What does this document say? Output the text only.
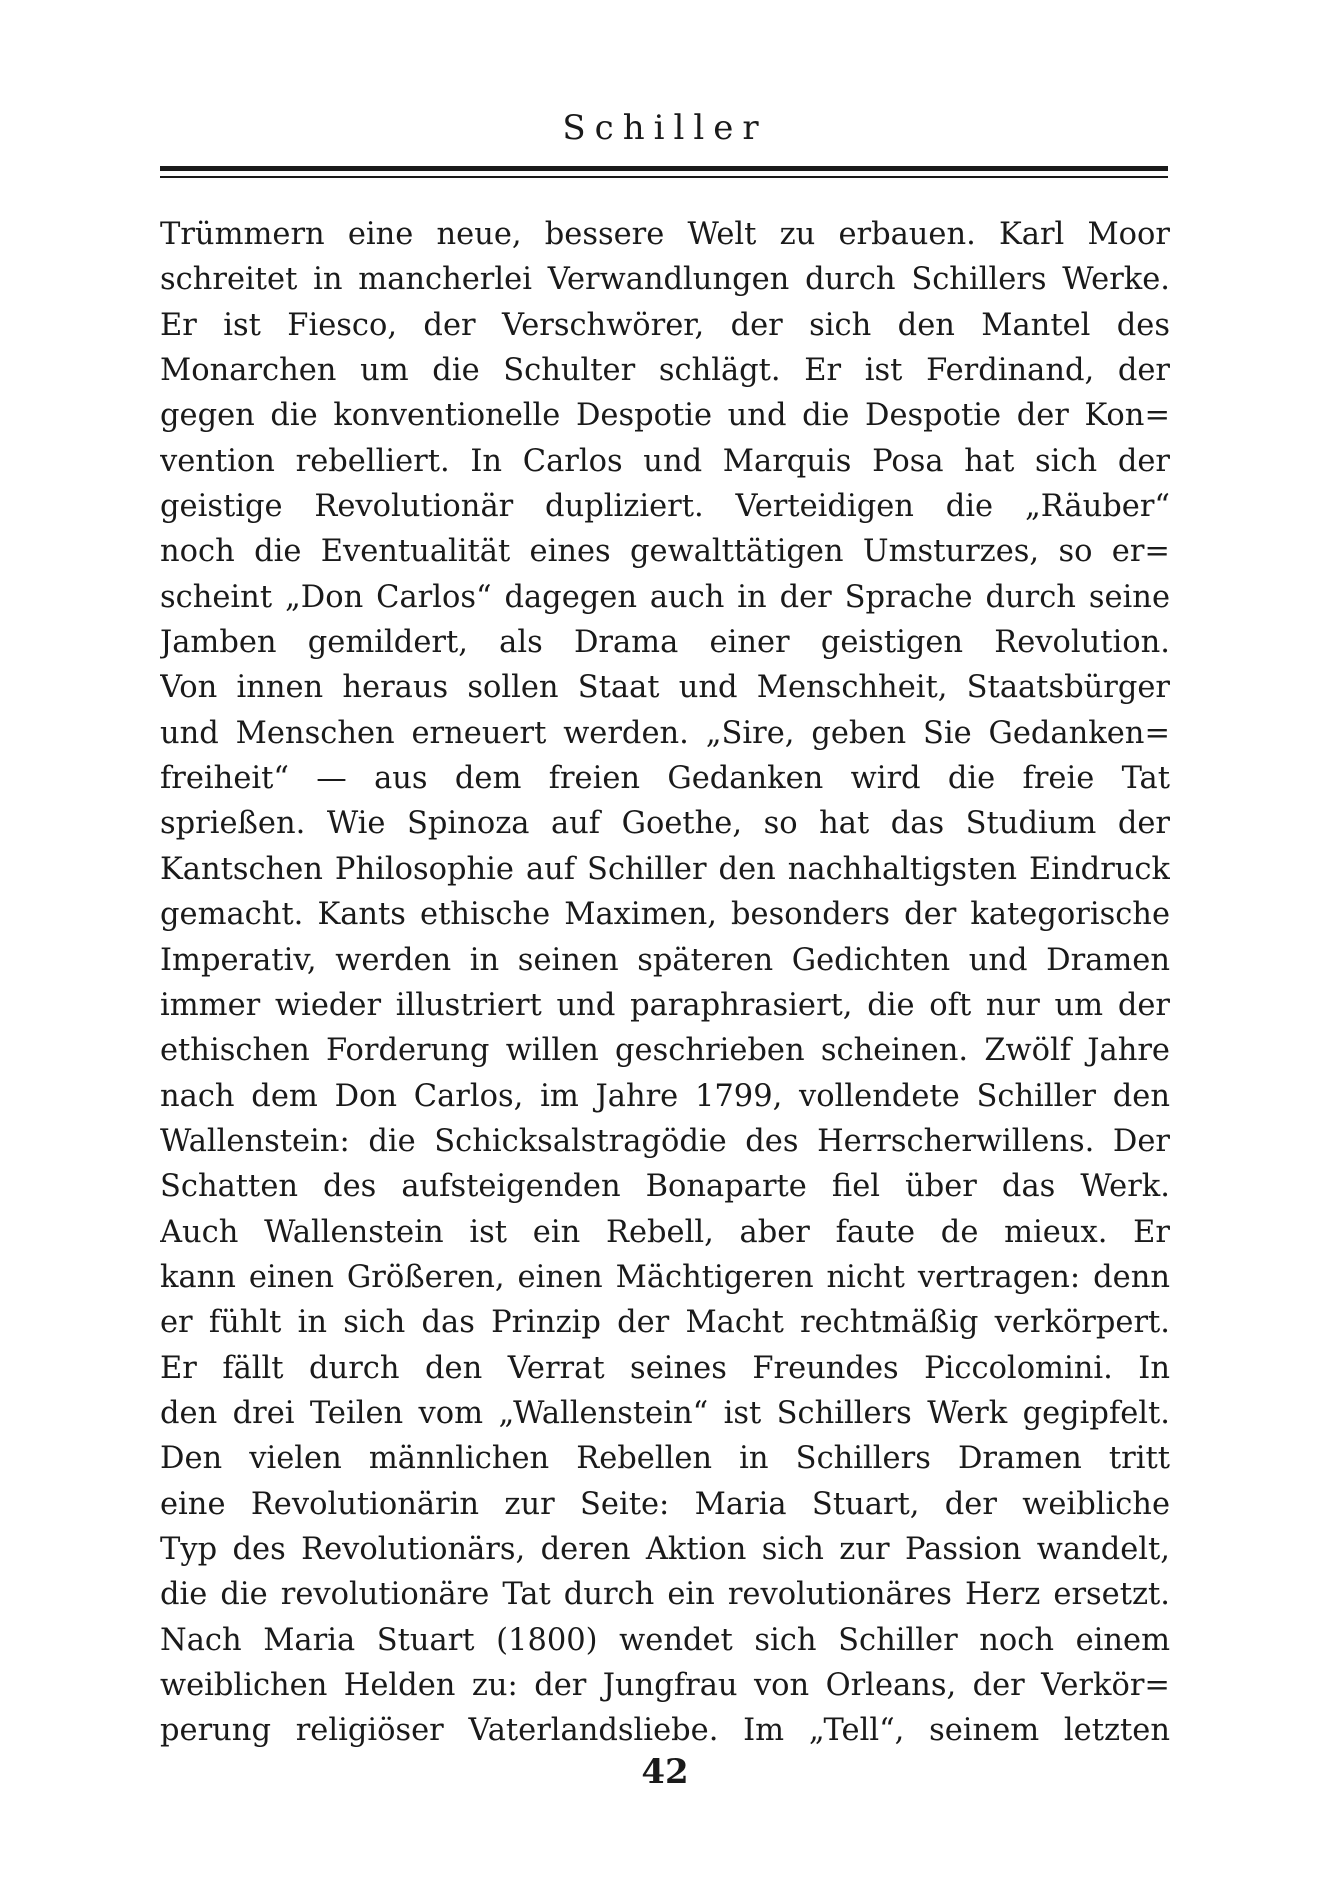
Schiller
Trümmern eine neue, bessere Welt zu erbauen. Karl Moor
schreitet in mancherlei Verwandlungen durch Schillers Werke.
Er ist Fiesco, der Verschwörer, der sich den Mantel des
Monarchen um die Schulter schlägt. Er ist Ferdinand, der
gegen die konventionelle Despotie und die Despotie der Kon=
vention rebelliert. In Carlos und Marquis Posa hat sich der
geistige Revolutionär dupliziert. Verteidigen die „Räuber“
noch die Eventualität eines gewalttätigen Umsturzes, so er=
scheint „Don Carlos“ dagegen auch in der Sprache durch seine
Jamben gemildert, als Drama einer geistigen Revolution.
Von innen heraus sollen Staat und Menschheit, Staatsbürger
und Menschen erneuert werden. „Sire, geben Sie Gedanken=
freiheit“ — aus dem freien Gedanken wird die freie Tat
sprießen. Wie Spinoza auf Goethe, so hat das Studium der
Kantschen Philosophie auf Schiller den nachhaltigsten Eindruck
gemacht. Kants ethische Maximen, besonders der kategorische
Imperativ, werden in seinen späteren Gedichten und Dramen
immer wieder illustriert und paraphrasiert, die oft nur um der
ethischen Forderung willen geschrieben scheinen. Zwölf Jahre
nach dem Don Carlos, im Jahre 1799, vollendete Schiller den
Wallenstein: die Schicksalstragödie des Herrscherwillens. Der
Schatten des aufsteigenden Bonaparte fiel über das Werk.
Auch Wallenstein ist ein Rebell, aber faute de mieux. Er
kann einen Größeren, einen Mächtigeren nicht vertragen: denn
er fühlt in sich das Prinzip der Macht rechtmäßig verkörpert.
Er fällt durch den Verrat seines Freundes Piccolomini. In
den drei Teilen vom „Wallenstein“ ist Schillers Werk gegipfelt.
Den vielen männlichen Rebellen in Schillers Dramen tritt
eine Revolutionärin zur Seite: Maria Stuart, der weibliche
Typ des Revolutionärs, deren Aktion sich zur Passion wandelt,
die die revolutionäre Tat durch ein revolutionäres Herz ersetzt.
Nach Maria Stuart (1800) wendet sich Schiller noch einem
weiblichen Helden zu: der Jungfrau von Orleans, der Verkör=
perung religiöser Vaterlandsliebe. Im „Tell“, seinem letzten
42
